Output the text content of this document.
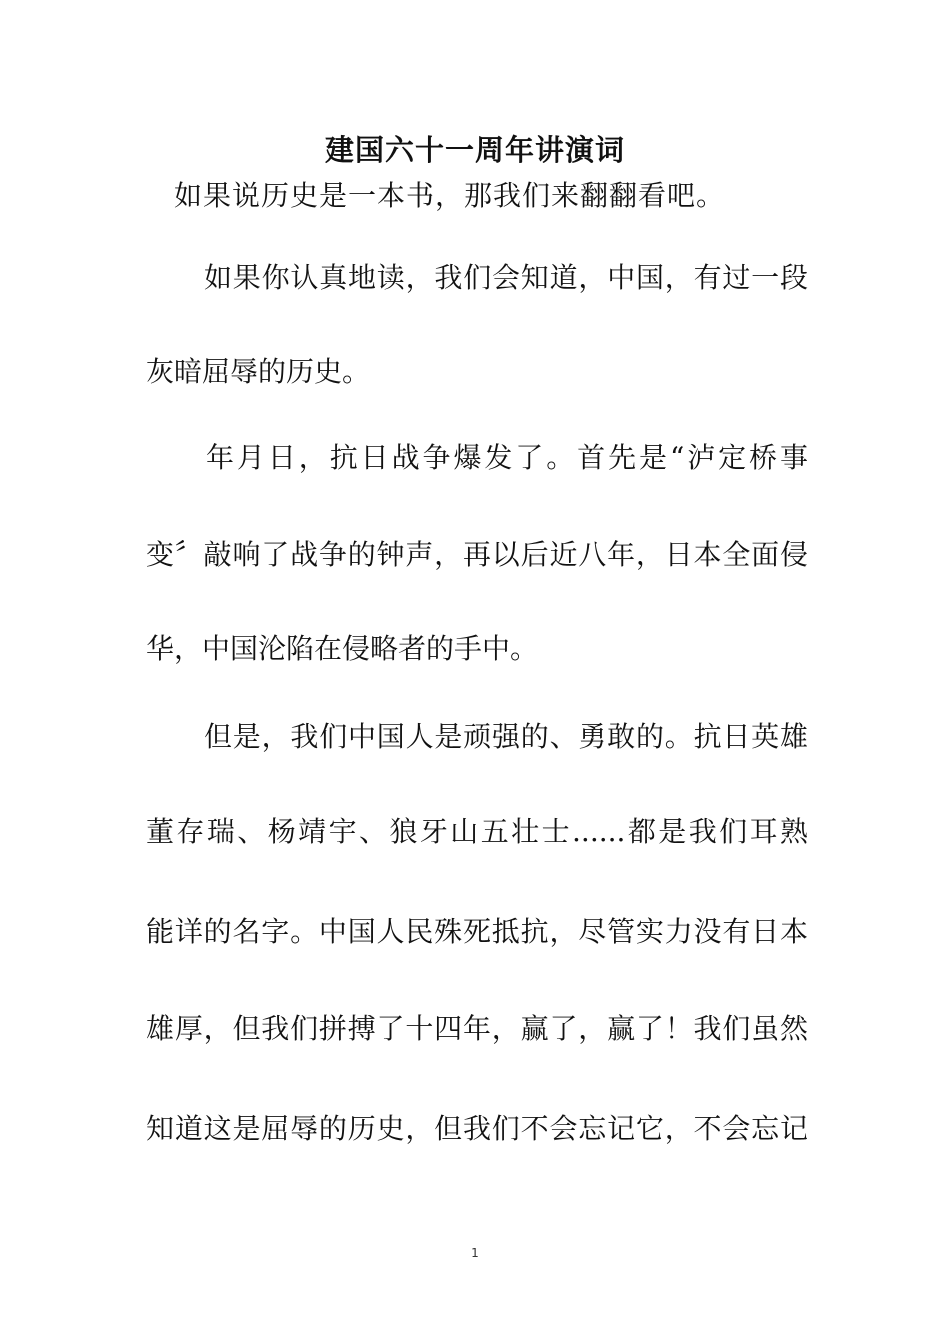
建国六十一周年讲演词
如果说历史是一本书，那我们来翻翻看吧。
如果你认真地读，我们会知道，中国，有过一段
灰暗屈辱的历史。
年月日，抗日战争爆发了。首先是“泸定桥事
变〞敲响了战争的钟声，再以后近八年，日本全面侵
华，中国沦陷在侵略者的手中。
但是，我们中国人是顽强的、勇敢的。抗日英雄
董存瑞、杨靖宇、狼牙山五壮士......都是我们耳熟
能详的名字。中国人民殊死抵抗，尽管实力没有日本
雄厚，但我们拼搏了十四年，赢了，赢了！我们虽然
知道这是屈辱的历史，但我们不会忘记它，不会忘记
1
